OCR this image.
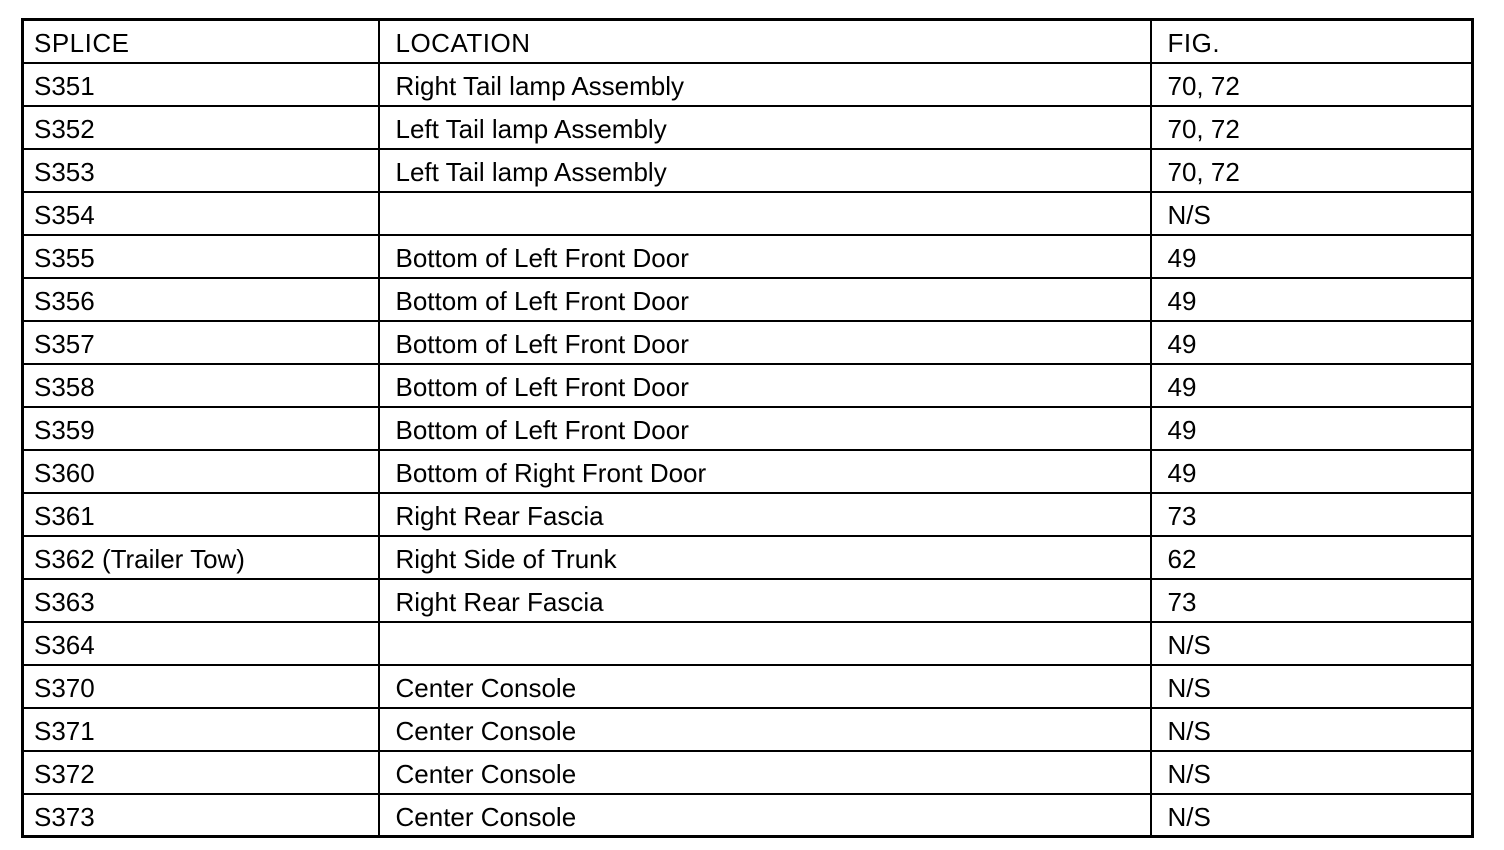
SPLICE	LOCATION	FIG.
S351	Right Tail lamp Assembly	70, 72
S352	Left Tail lamp Assembly	70, 72
S353	Left Tail lamp Assembly	70, 72
S354		N/S
S355	Bottom of Left Front Door	49
S356	Bottom of Left Front Door	49
S357	Bottom of Left Front Door	49
S358	Bottom of Left Front Door	49
S359	Bottom of Left Front Door	49
S360	Bottom of Right Front Door	49
S361	Right Rear Fascia	73
S362 (Trailer Tow)	Right Side of Trunk	62
S363	Right Rear Fascia	73
S364		N/S
S370	Center Console	N/S
S371	Center Console	N/S
S372	Center Console	N/S
S373	Center Console	N/S
